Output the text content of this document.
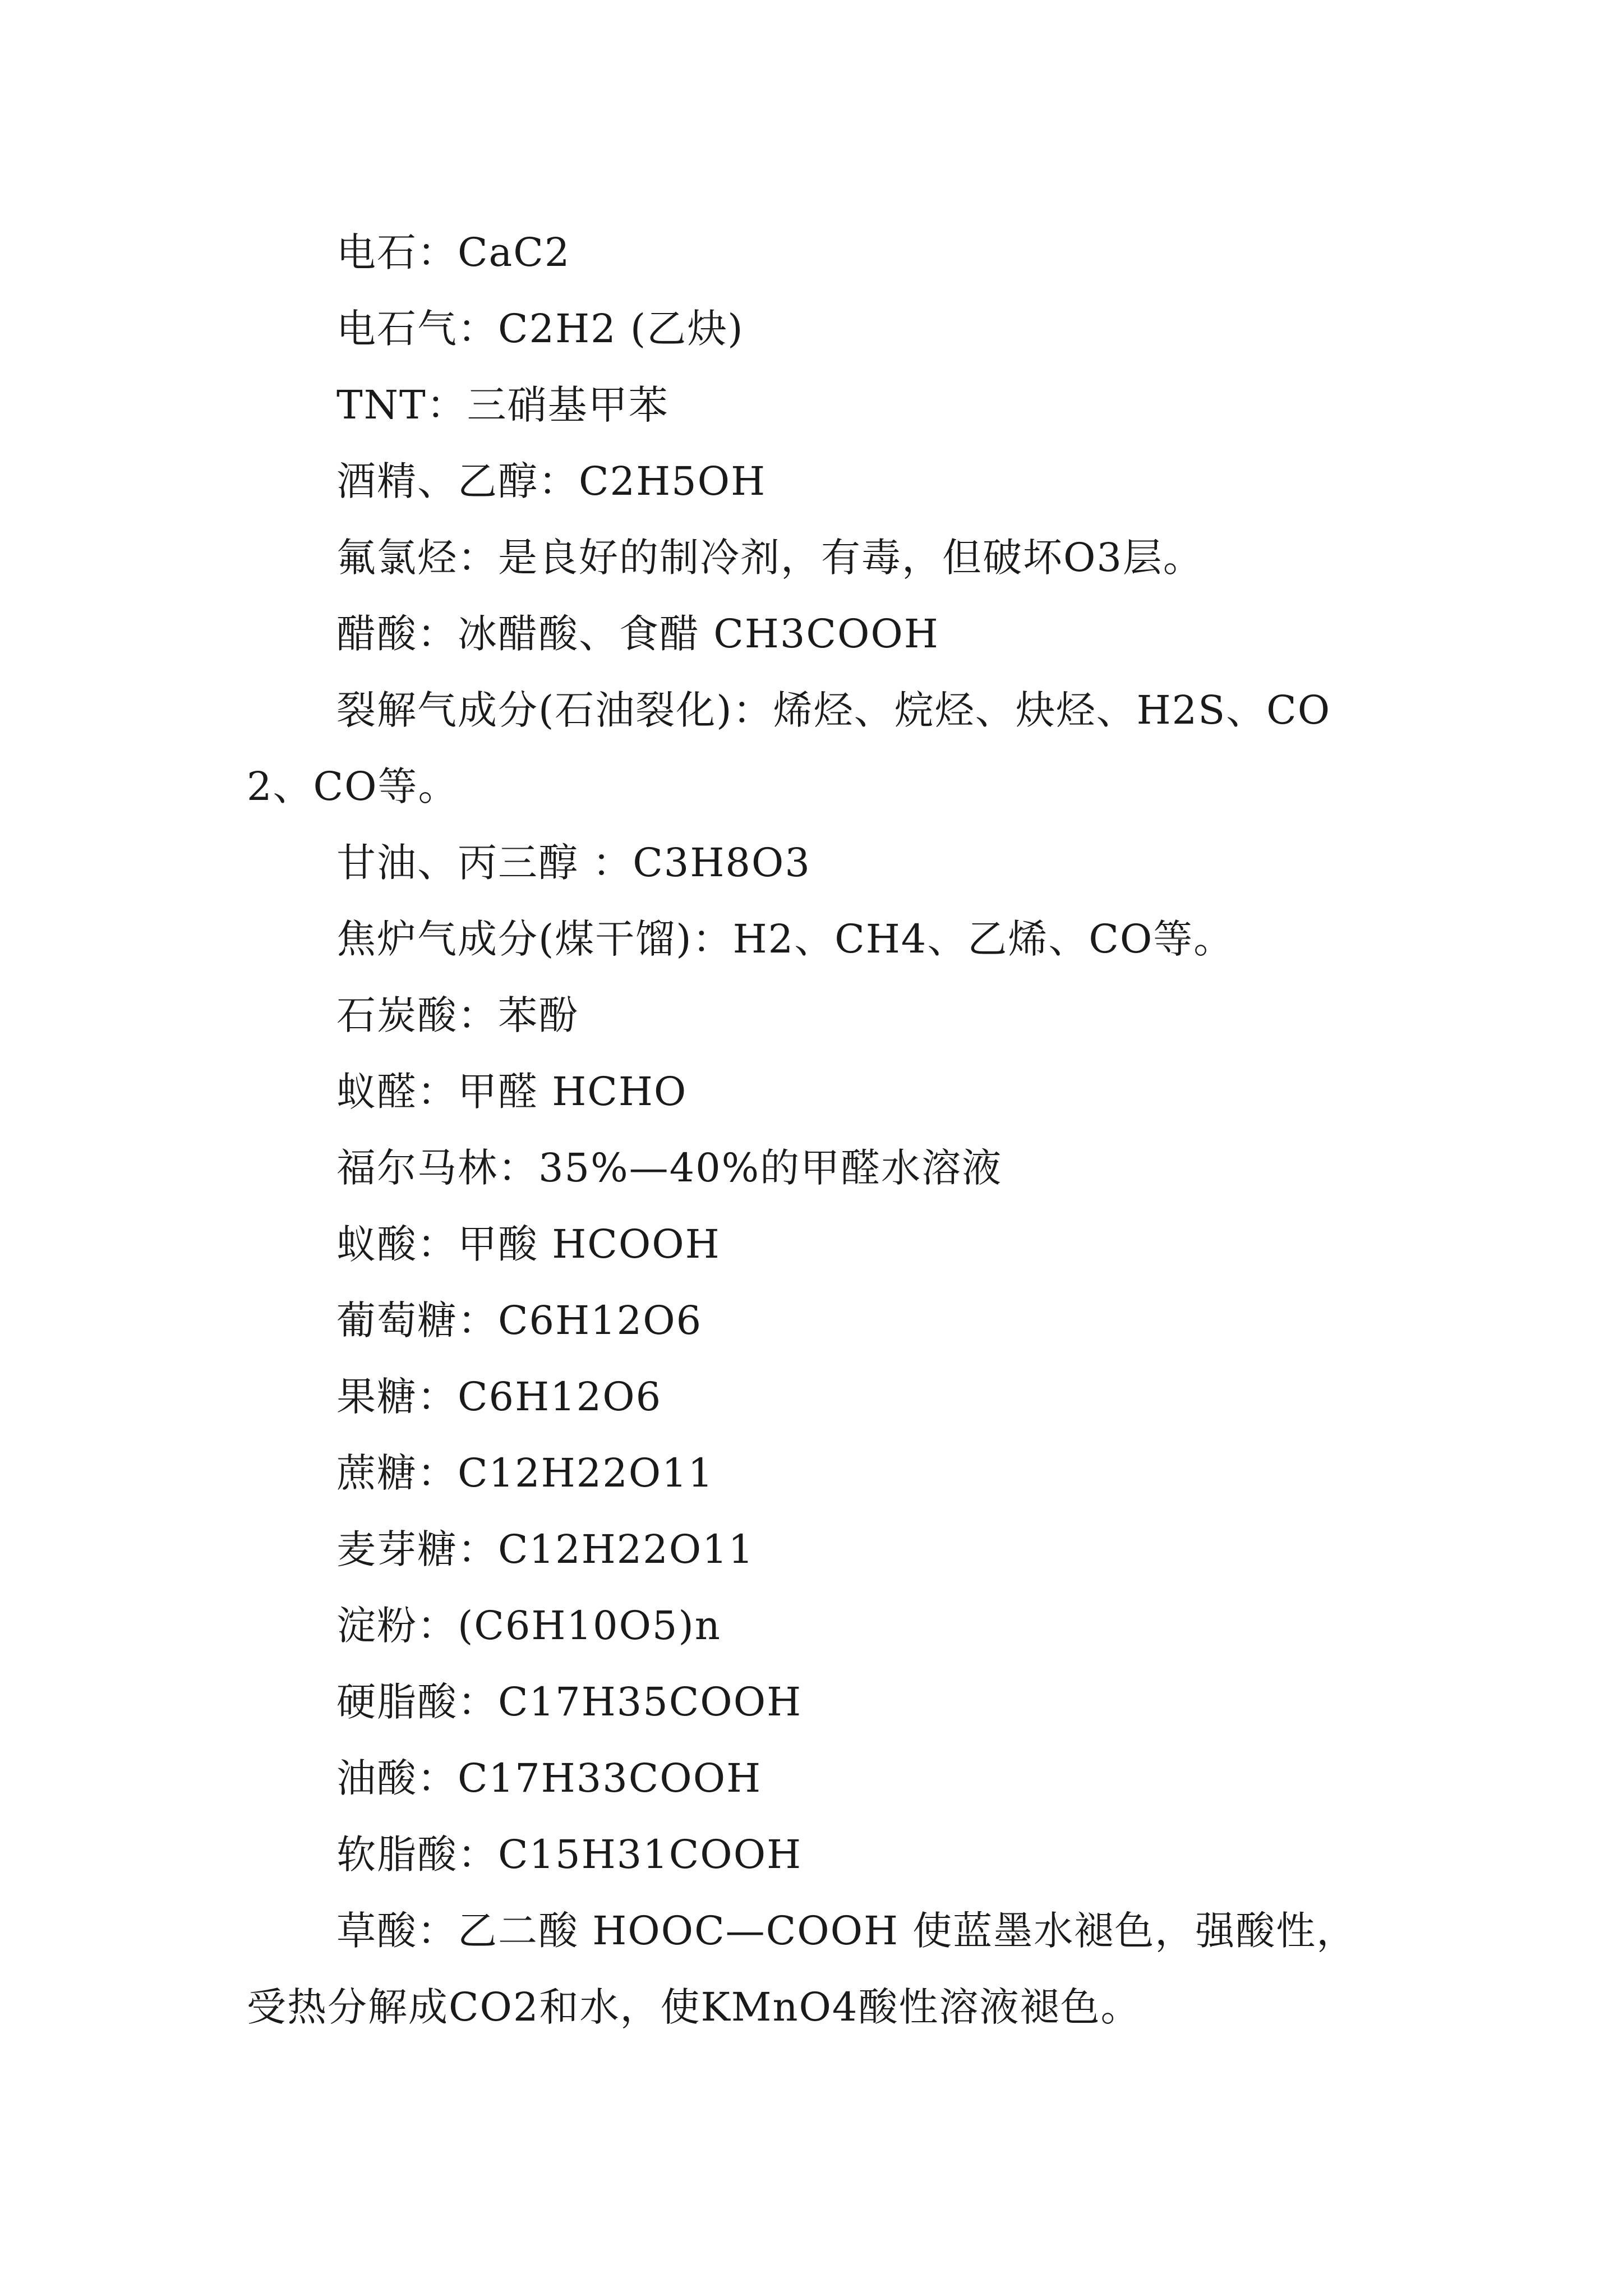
电石：CaC2

电石气：C2H2 (乙炔)

TNT：三硝基甲苯

酒精、乙醇：C2H5OH

氟氯烃：是良好的制冷剂，有毒，但破坏O3层。

醋酸：冰醋酸、食醋 CH3COOH

裂解气成分(石油裂化)：烯烃、烷烃、炔烃、H2S、CO2、CO等。

甘油、丙三醇 ：C3H8O3

焦炉气成分(煤干馏)：H2、CH4、乙烯、CO等。

石炭酸：苯酚

蚁醛：甲醛 HCHO

福尔马林：35%—40%的甲醛水溶液

蚁酸：甲酸 HCOOH

葡萄糖：C6H12O6

果糖：C6H12O6

蔗糖：C12H22O11

麦芽糖：C12H22O11

淀粉：(C6H10O5)n

硬脂酸：C17H35COOH

油酸：C17H33COOH

软脂酸：C15H31COOH

草酸：乙二酸 HOOC—COOH 使蓝墨水褪色，强酸性，受热分解成CO2和水，使KMnO4酸性溶液褪色。
